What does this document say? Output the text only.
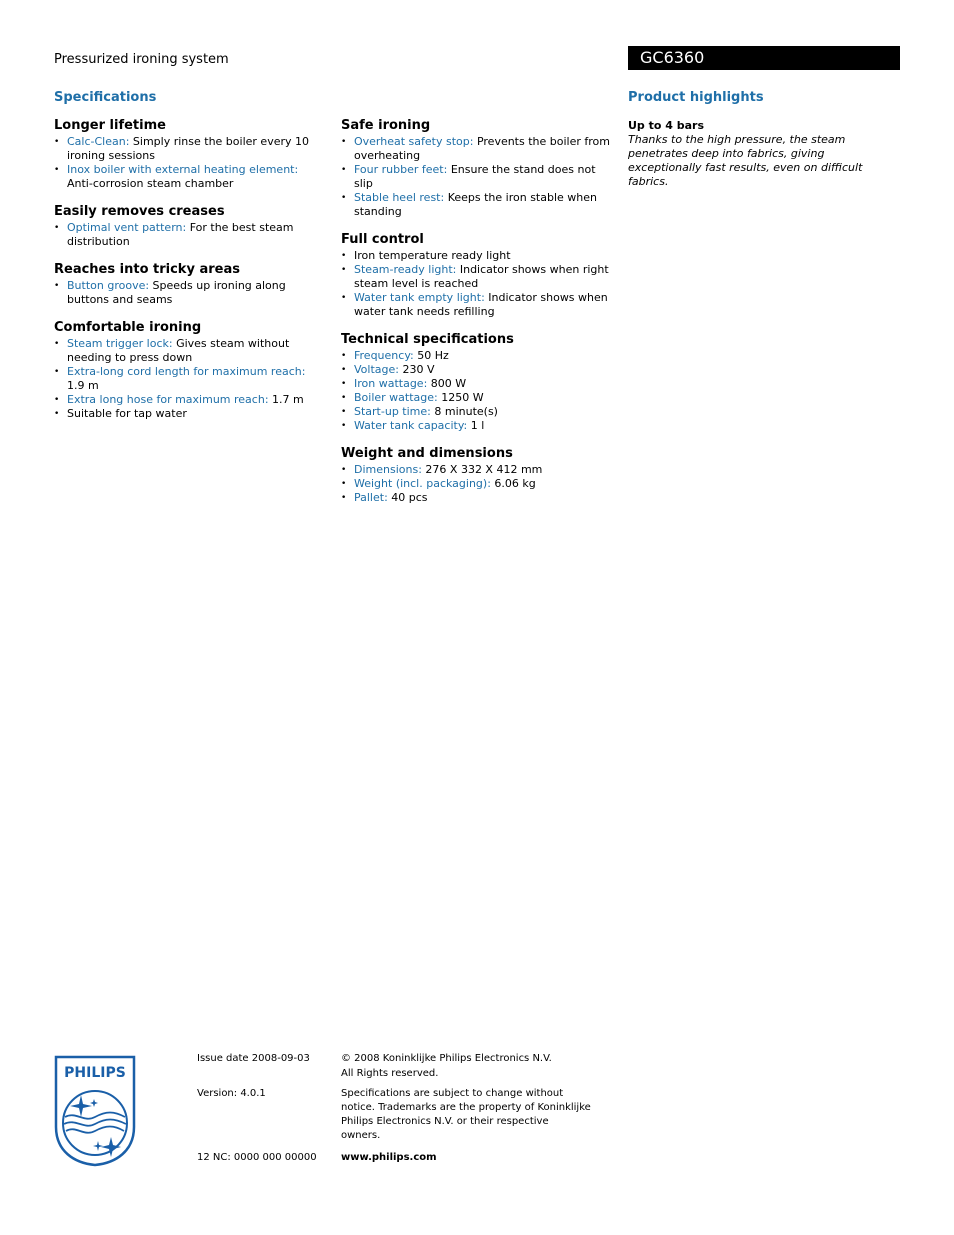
Pressurized ironing system	GC6360
Specifications
Longer lifetime
• Calc-Clean: Simply rinse the boiler every 10 ironing sessions
• Inox boiler with external heating element: Anti-corrosion steam chamber
Easily removes creases
• Optimal vent pattern: For the best steam distribution
Reaches into tricky areas
• Button groove: Speeds up ironing along buttons and seams
Comfortable ironing
• Steam trigger lock: Gives steam without needing to press down
• Extra-long cord length for maximum reach: 1.9 m
• Extra long hose for maximum reach: 1.7 m
• Suitable for tap water
Safe ironing
• Overheat safety stop: Prevents the boiler from overheating
• Four rubber feet: Ensure the stand does not slip
• Stable heel rest: Keeps the iron stable when standing
Full control
• Iron temperature ready light
• Steam-ready light: Indicator shows when right steam level is reached
• Water tank empty light: Indicator shows when water tank needs refilling
Technical specifications
• Frequency: 50 Hz
• Voltage: 230 V
• Iron wattage: 800 W
• Boiler wattage: 1250 W
• Start-up time: 8 minute(s)
• Water tank capacity: 1 l
Weight and dimensions
• Dimensions: 276 X 332 X 412 mm
• Weight (incl. packaging): 6.06 kg
• Pallet: 40 pcs
Product highlights
Up to 4 bars
Thanks to the high pressure, the steam penetrates deep into fabrics, giving exceptionally fast results, even on difficult fabrics.
PHILIPS
Issue date 2008-09-03
Version: 4.0.1
12 NC: 0000 000 00000
© 2008 Koninklijke Philips Electronics N.V.
All Rights reserved.
Specifications are subject to change without notice. Trademarks are the property of Koninklijke Philips Electronics N.V. or their respective owners.
www.philips.com
